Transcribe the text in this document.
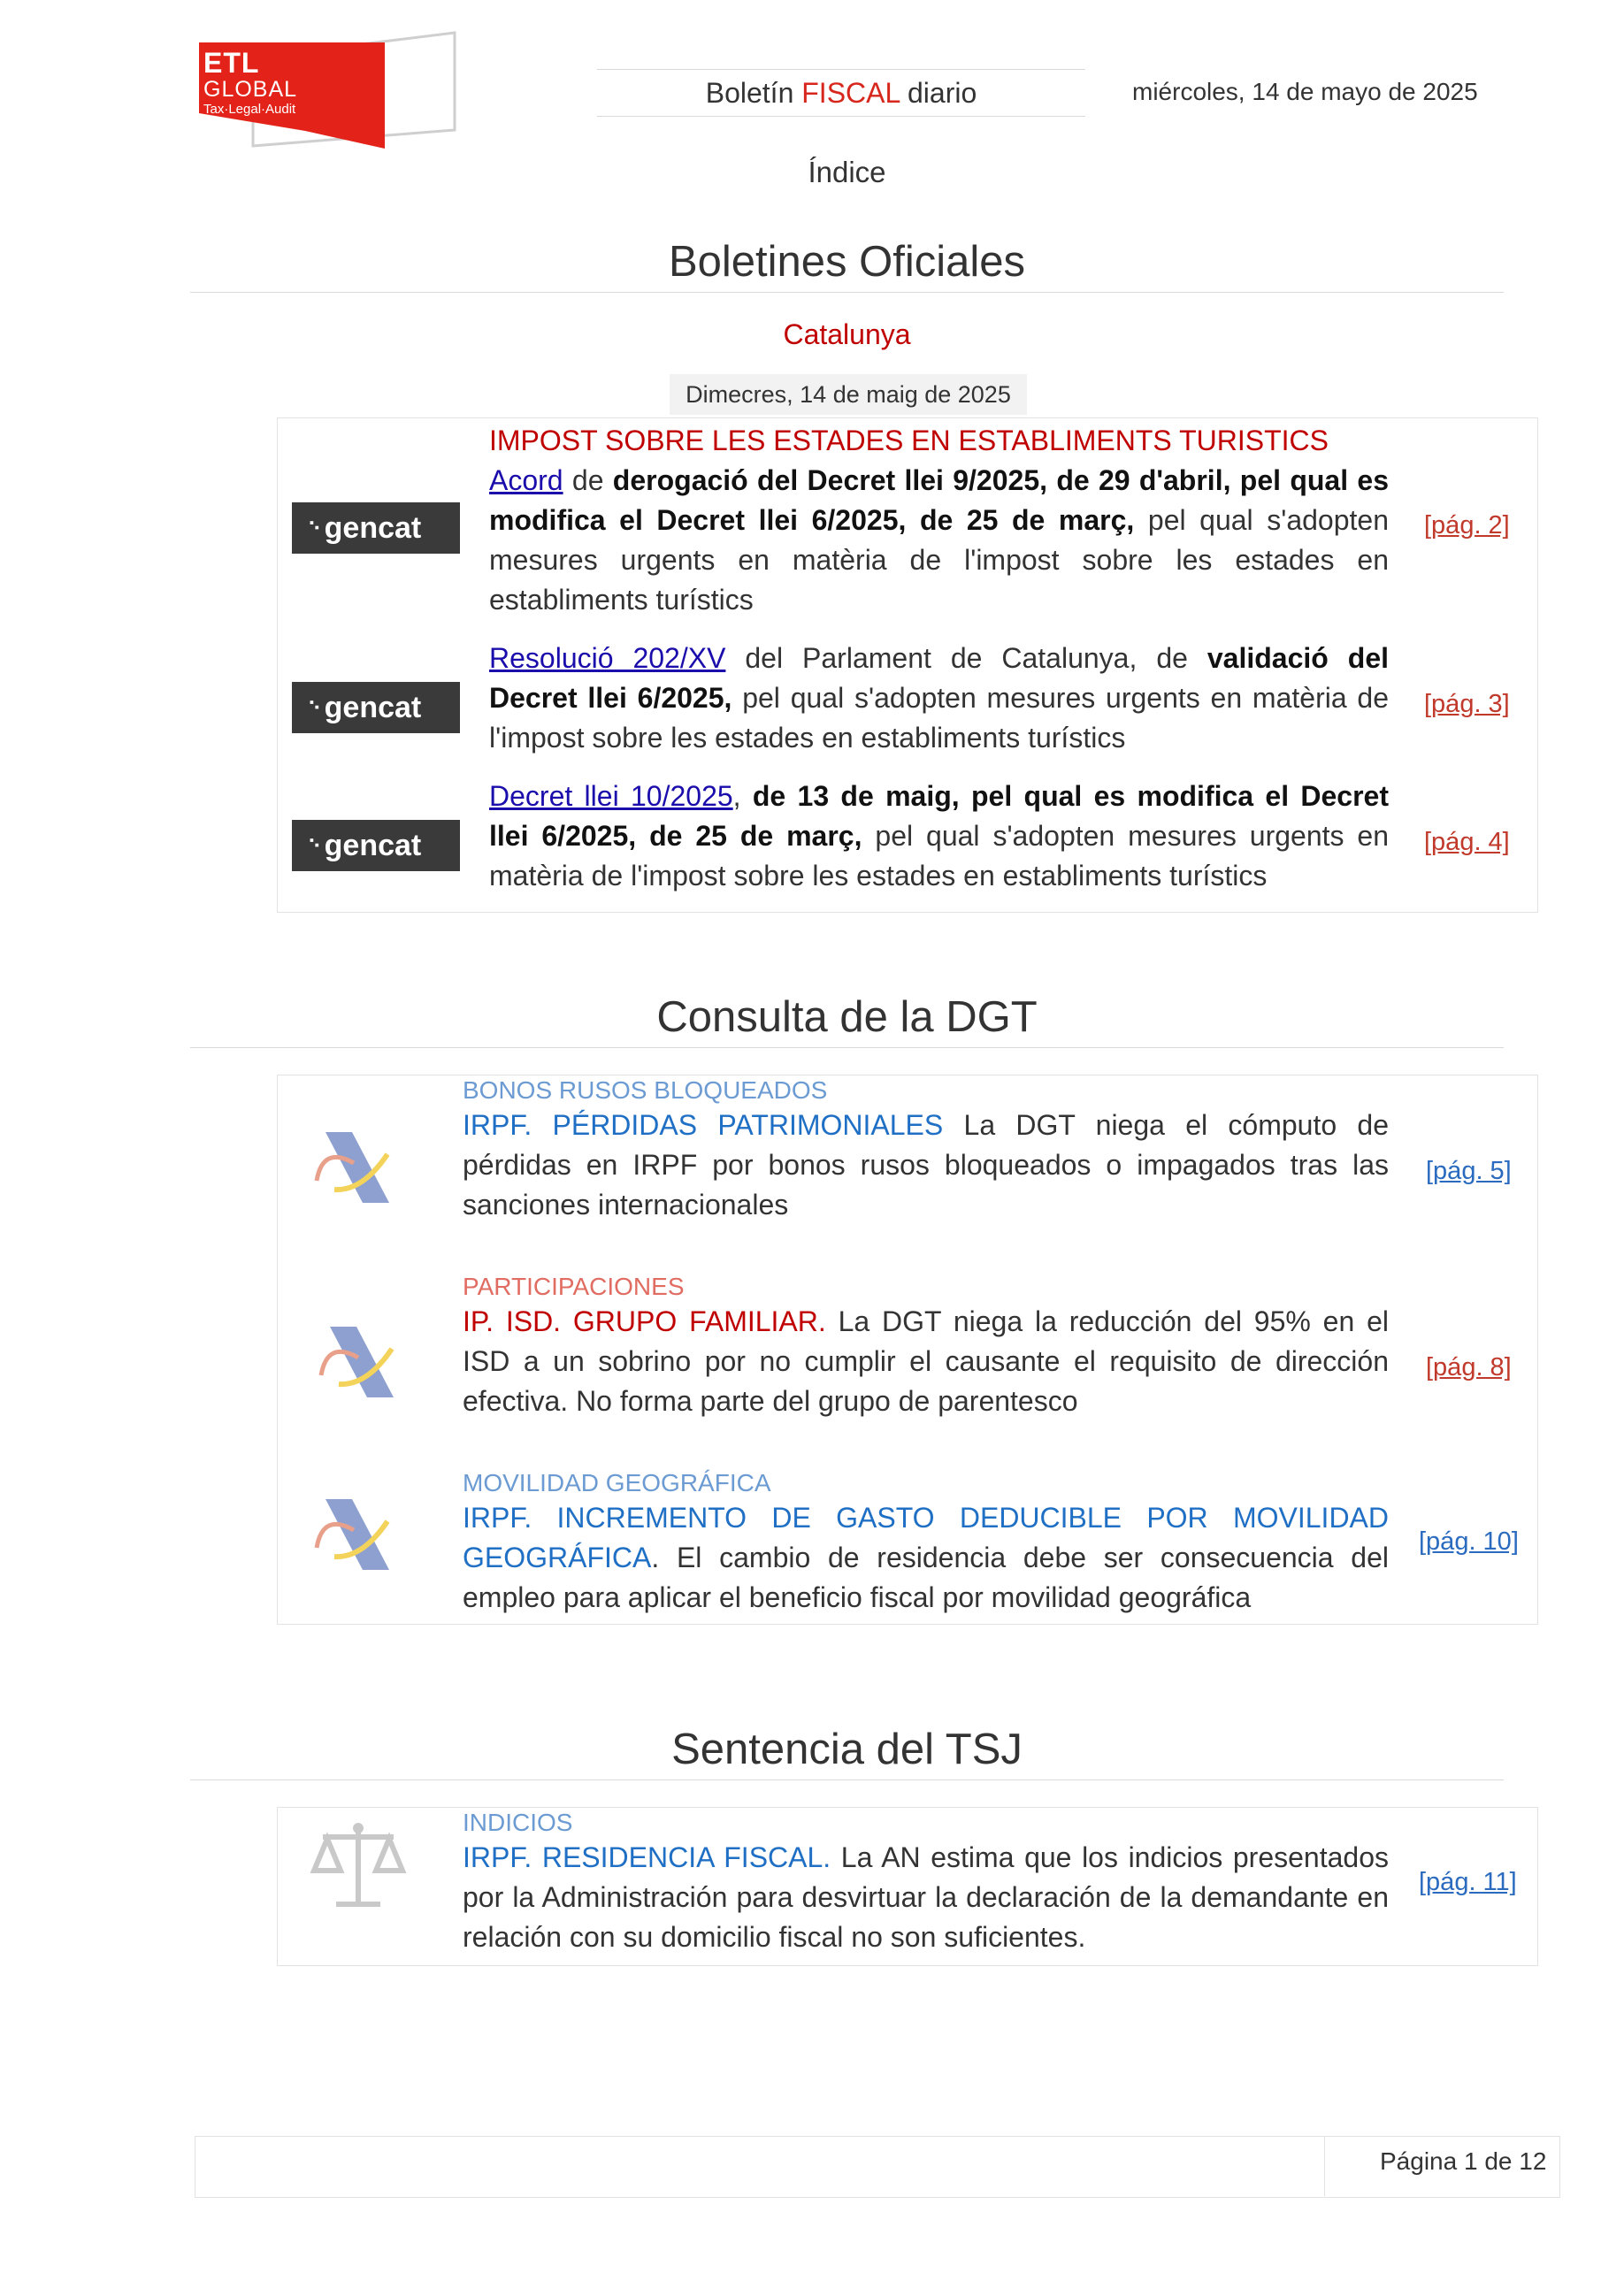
ETL
GLOBAL
Tax·Legal·Audit
Boletín FISCAL diario	miércoles, 14 de mayo de 2025
Índice
Boletines Oficiales
Catalunya
Dimecres, 14 de maig de 2025
⠑ gencat
IMPOST SOBRE LES ESTADES EN ESTABLIMENTS TURISTICS
Acord de derogació del Decret llei 9/2025, de 29 d'abril, pel qual es modifica el Decret llei 6/2025, de 25 de març, pel qual s'adopten mesures urgents en matèria de l'impost sobre les estades en establiments turístics
[pág. 2]
⠑ gencat
Resolució 202/XV del Parlament de Catalunya, de validació del Decret llei 6/2025, pel qual s'adopten mesures urgents en matèria de l'impost sobre les estades en establiments turístics
[pág. 3]
⠑ gencat
Decret llei 10/2025, de 13 de maig, pel qual es modifica el Decret llei 6/2025, de 25 de març, pel qual s'adopten mesures urgents en matèria de l'impost sobre les estades en establiments turístics
[pág. 4]
Consulta de la DGT
BONOS RUSOS BLOQUEADOS
IRPF. PÉRDIDAS PATRIMONIALES La DGT niega el cómputo de pérdidas en IRPF por bonos rusos bloqueados o impagados tras las sanciones internacionales
[pág. 5]
PARTICIPACIONES
IP. ISD. GRUPO FAMILIAR. La DGT niega la reducción del 95% en el ISD a un sobrino por no cumplir el causante el requisito de dirección efectiva. No forma parte del grupo de parentesco
[pág. 8]
MOVILIDAD GEOGRÁFICA
IRPF. INCREMENTO DE GASTO DEDUCIBLE POR MOVILIDAD GEOGRÁFICA. El cambio de residencia debe ser consecuencia del empleo para aplicar el beneficio fiscal por movilidad geográfica
[pág. 10]
Sentencia del TSJ
INDICIOS
IRPF. RESIDENCIA FISCAL. La AN estima que los indicios presentados por la Administración para desvirtuar la declaración de la demandante en relación con su domicilio fiscal no son suficientes.
[pág. 11]
Página 1 de 12
